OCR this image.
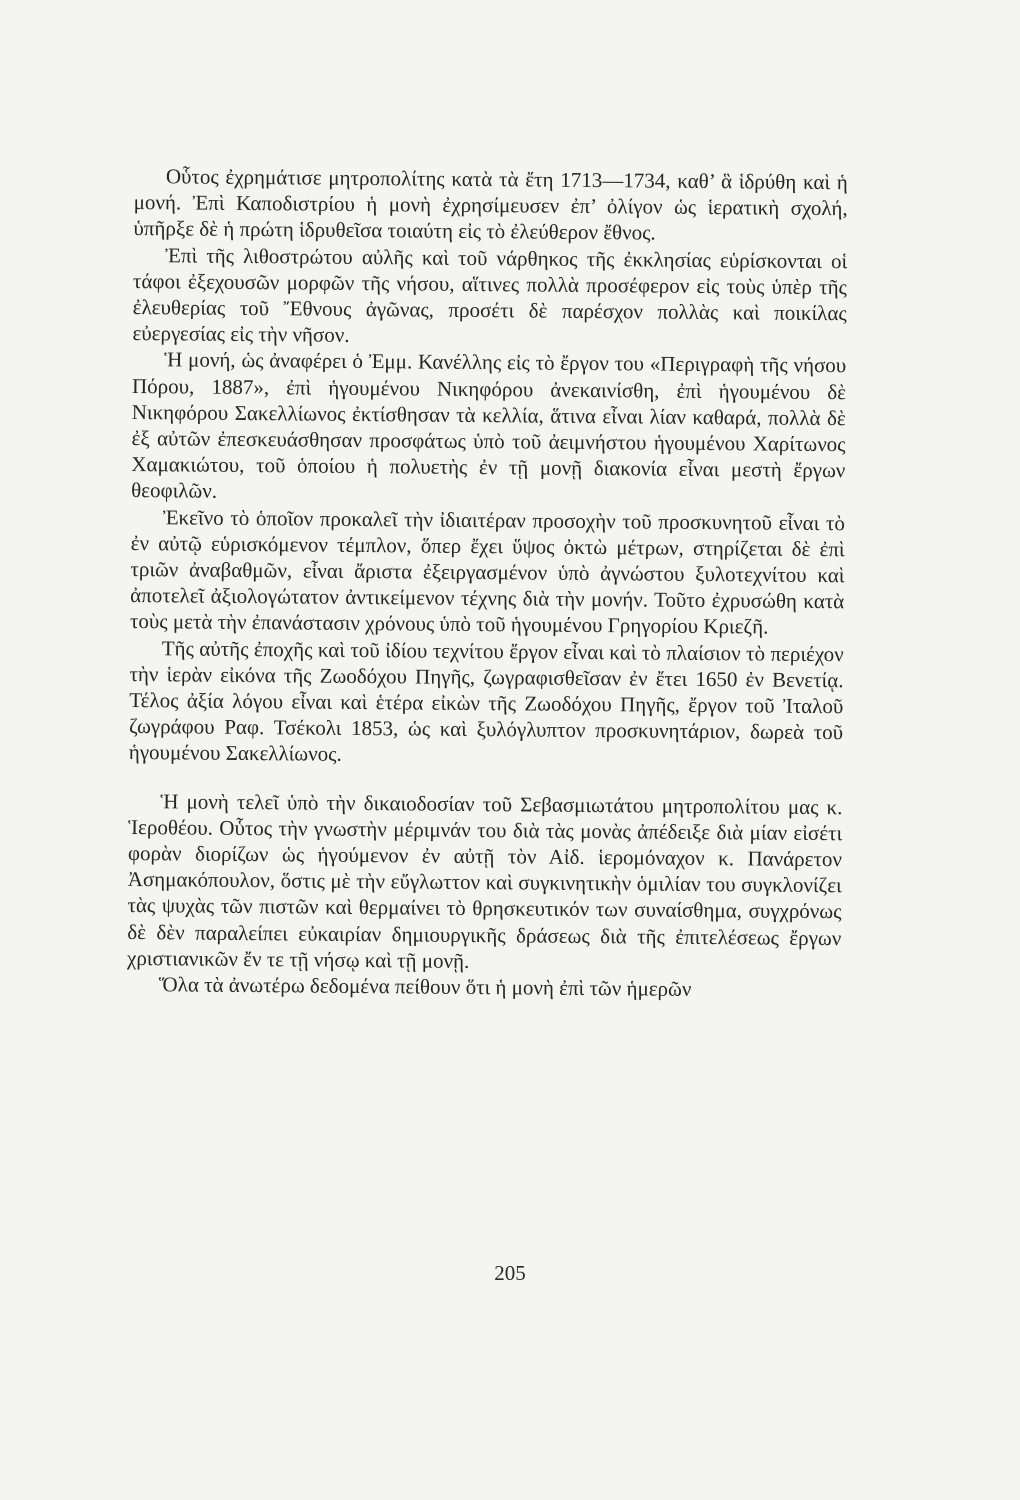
Οὗτος ἐχρημάτισε μητροπολίτης κατὰ τὰ ἔτη 1713—1734, καθ’ ἃ ἱδρύθη καὶ ἡ μονή. Ἐπὶ Καποδιστρίου ἡ μονὴ ἐχρησίμευσεν ἐπ’ ὀλίγον ὡς ἱερατικὴ σχολή, ὑπῆρξε δὲ ἡ πρώτη ἱδρυθεῖσα τοιαύτη εἰς τὸ ἐλεύθερον ἔθνος.

Ἐπὶ τῆς λιθοστρώτου αὐλῆς καὶ τοῦ νάρθηκος τῆς ἐκκλησίας εὑρίσκονται οἱ τάφοι ἐξεχουσῶν μορφῶν τῆς νήσου, αἵτινες πολλὰ προσέφερον εἰς τοὺς ὑπὲρ τῆς ἐλευθερίας τοῦ Ἔθνους ἀγῶνας, προσέτι δὲ παρέσχον πολλὰς καὶ ποικίλας εὐεργεσίας εἰς τὴν νῆσον.

Ἡ μονή, ὡς ἀναφέρει ὁ Ἐμμ. Κανέλλης εἰς τὸ ἔργον του «Περιγραφὴ τῆς νήσου Πόρου, 1887», ἐπὶ ἡγουμένου Νικηφόρου ἀνεκαινίσθη, ἐπὶ ἡγουμένου δὲ Νικηφόρου Σακελλίωνος ἐκτίσθησαν τὰ κελλία, ἅτινα εἶναι λίαν καθαρά, πολλὰ δὲ ἐξ αὐτῶν ἐπεσκευάσθησαν προσφάτως ὑπὸ τοῦ ἀειμνήστου ἡγουμένου Χαρίτωνος Χαμακιώτου, τοῦ ὁποίου ἡ πολυετὴς ἐν τῇ μονῇ διακονία εἶναι μεστὴ ἔργων θεοφιλῶν.

Ἐκεῖνο τὸ ὁποῖον προκαλεῖ τὴν ἰδιαιτέραν προσοχὴν τοῦ προσκυνητοῦ εἶναι τὸ ἐν αὐτῷ εὑρισκόμενον τέμπλον, ὅπερ ἔχει ὕψος ὀκτὼ μέτρων, στηρίζεται δὲ ἐπὶ τριῶν ἀναβαθμῶν, εἶναι ἄριστα ἐξειργασμένον ὑπὸ ἀγνώστου ξυλοτεχνίτου καὶ ἀποτελεῖ ἀξιολογώτατον ἀντικείμενον τέχνης διὰ τὴν μονήν. Τοῦτο ἐχρυσώθη κατὰ τοὺς μετὰ τὴν ἐπανάστασιν χρόνους ὑπὸ τοῦ ἡγουμένου Γρηγορίου Κριεζῆ.

Τῆς αὐτῆς ἐποχῆς καὶ τοῦ ἰδίου τεχνίτου ἔργον εἶναι καὶ τὸ πλαίσιον τὸ περιέχον τὴν ἱερὰν εἰκόνα τῆς Ζωοδόχου Πηγῆς, ζωγραφισθεῖσαν ἐν ἔτει 1650 ἐν Βενετίᾳ. Τέλος ἀξία λόγου εἶναι καὶ ἑτέρα εἰκὼν τῆς Ζωοδόχου Πηγῆς, ἔργον τοῦ Ἰταλοῦ ζωγράφου Ραφ. Τσέκολι 1853, ὡς καὶ ξυλόγλυπτον προσκυνητάριον, δωρεὰ τοῦ ἡγουμένου Σακελλίωνος.

Ἡ μονὴ τελεῖ ὑπὸ τὴν δικαιοδοσίαν τοῦ Σεβασμιωτάτου μητροπολίτου μας κ. Ἱεροθέου. Οὗτος τὴν γνωστὴν μέριμνάν του διὰ τὰς μονὰς ἀπέδειξε διὰ μίαν εἰσέτι φορὰν διορίζων ὡς ἡγούμενον ἐν αὐτῇ τὸν Αἰδ. ἱερομόναχον κ. Πανάρετον Ἀσημακόπουλον, ὅστις μὲ τὴν εὔγλωττον καὶ συγκινητικὴν ὁμιλίαν του συγκλονίζει τὰς ψυχὰς τῶν πιστῶν καὶ θερμαίνει τὸ θρησκευτικόν των συναίσθημα, συγχρόνως δὲ δὲν παραλείπει εὐκαιρίαν δημιουργικῆς δράσεως διὰ τῆς ἐπιτελέσεως ἔργων χριστιανικῶν ἔν τε τῇ νήσῳ καὶ τῇ μονῇ.

Ὅλα τὰ ἀνωτέρω δεδομένα πείθουν ὅτι ἡ μονὴ ἐπὶ τῶν ἡμερῶν

205
